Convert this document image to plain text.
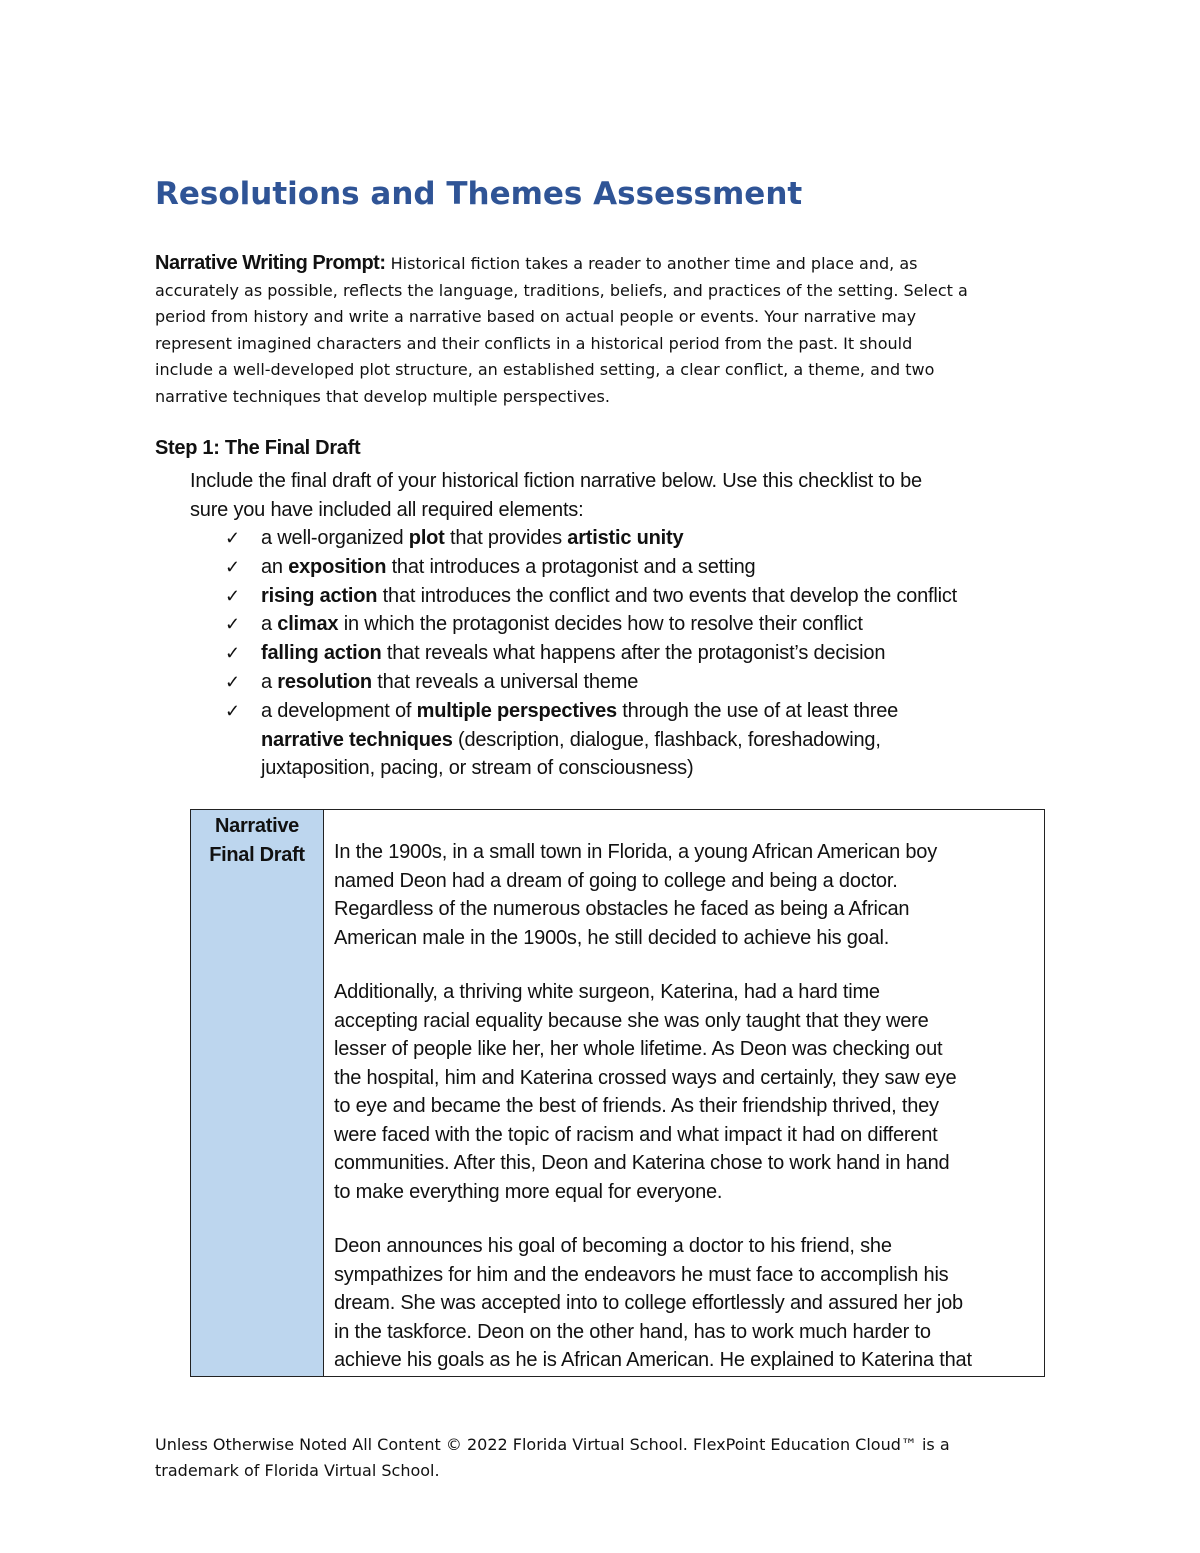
Resolutions and Themes Assessment
Narrative Writing Prompt: Historical fiction takes a reader to another time and place and, as
accurately as possible, reflects the language, traditions, beliefs, and practices of the setting. Select a
period from history and write a narrative based on actual people or events. Your narrative may
represent imagined characters and their conflicts in a historical period from the past. It should
include a well-developed plot structure, an established setting, a clear conflict, a theme, and two
narrative techniques that develop multiple perspectives.
Step 1: The Final Draft
Include the final draft of your historical fiction narrative below. Use this checklist to be
sure you have included all required elements:
✓ a well-organized plot that provides artistic unity
✓ an exposition that introduces a protagonist and a setting
✓ rising action that introduces the conflict and two events that develop the conflict
✓ a climax in which the protagonist decides how to resolve their conflict
✓ falling action that reveals what happens after the protagonist’s decision
✓ a resolution that reveals a universal theme
✓ a development of multiple perspectives through the use of at least three
narrative techniques (description, dialogue, flashback, foreshadowing,
juxtaposition, pacing, or stream of consciousness)
Narrative
Final Draft	In the 1900s, in a small town in Florida, a young African American boy
named Deon had a dream of going to college and being a doctor.
Regardless of the numerous obstacles he faced as being a African
American male in the 1900s, he still decided to achieve his goal.
Additionally, a thriving white surgeon, Katerina, had a hard time
accepting racial equality because she was only taught that they were
lesser of people like her, her whole lifetime. As Deon was checking out
the hospital, him and Katerina crossed ways and certainly, they saw eye
to eye and became the best of friends. As their friendship thrived, they
were faced with the topic of racism and what impact it had on different
communities. After this, Deon and Katerina chose to work hand in hand
to make everything more equal for everyone.
Deon announces his goal of becoming a doctor to his friend, she
sympathizes for him and the endeavors he must face to accomplish his
dream. She was accepted into to college effortlessly and assured her job
in the taskforce. Deon on the other hand, has to work much harder to
achieve his goals as he is African American. He explained to Katerina that
Unless Otherwise Noted All Content © 2022 Florida Virtual School. FlexPoint Education Cloud™ is a
trademark of Florida Virtual School.
